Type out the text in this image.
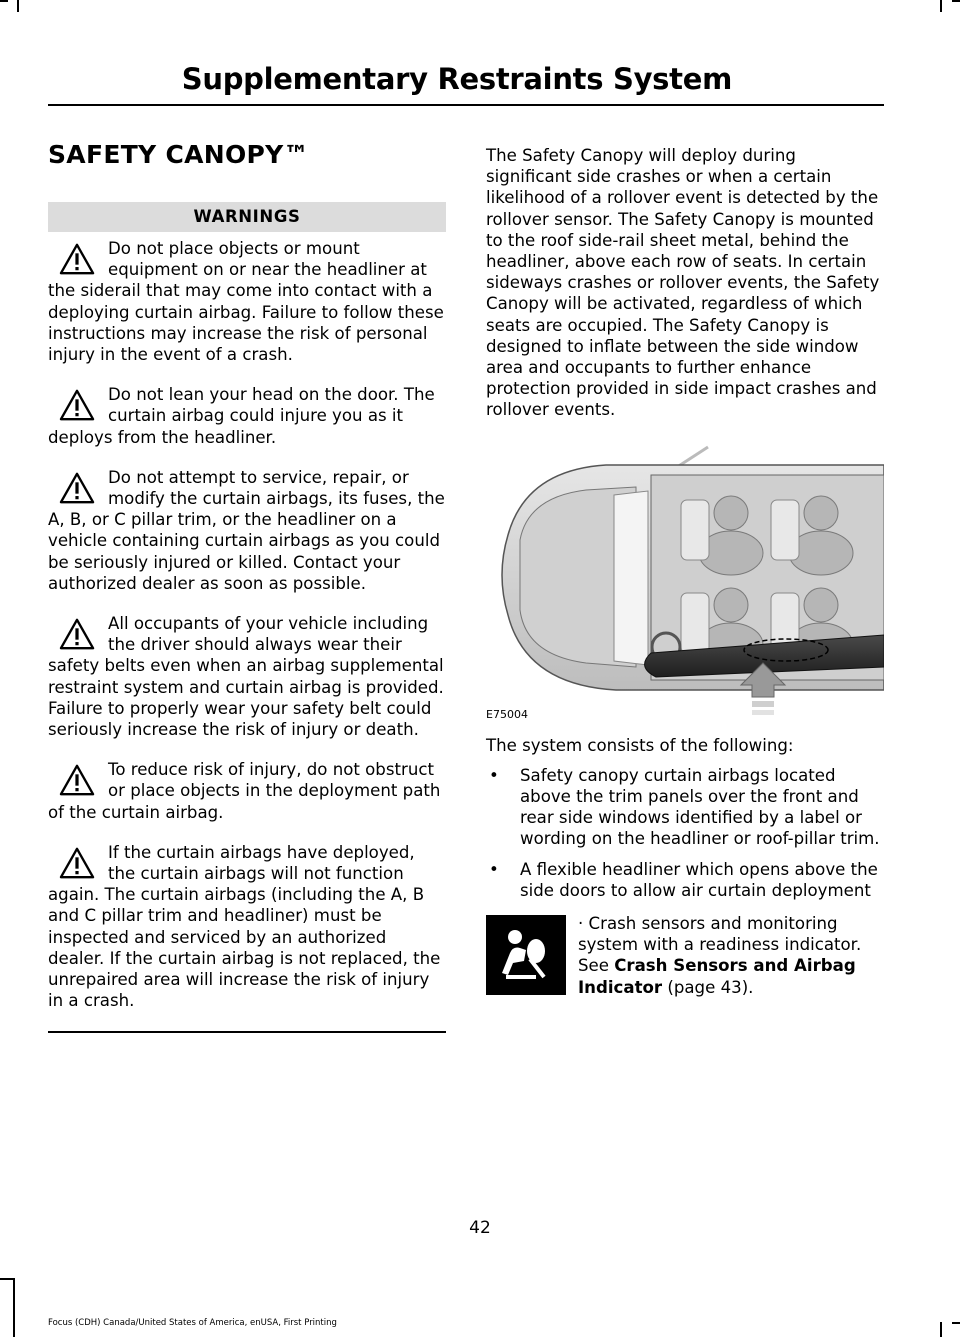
Supplementary Restraints System
SAFETY CANOPY™
WARNINGS
Do not place objects or mount equipment on or near the headliner at the siderail that may come into contact with a deploying curtain airbag. Failure to follow these instructions may increase the risk of personal injury in the event of a crash.
Do not lean your head on the door. The curtain airbag could injure you as it deploys from the headliner.
Do not attempt to service, repair, or modify the curtain airbags, its fuses, the A, B, or C pillar trim, or the headliner on a vehicle containing curtain airbags as you could be seriously injured or killed. Contact your authorized dealer as soon as possible.
All occupants of your vehicle including the driver should always wear their safety belts even when an airbag supplemental restraint system and curtain airbag is provided. Failure to properly wear your safety belt could seriously increase the risk of injury or death.
To reduce risk of injury, do not obstruct or place objects in the deployment path of the curtain airbag.
If the curtain airbags have deployed, the curtain airbags will not function again. The curtain airbags (including the A, B and C pillar trim and headliner) must be inspected and serviced by an authorized dealer. If the curtain airbag is not replaced, the unrepaired area will increase the risk of injury in a crash.

The Safety Canopy will deploy during significant side crashes or when a certain likelihood of a rollover event is detected by the rollover sensor. The Safety Canopy is mounted to the roof side-rail sheet metal, behind the headliner, above each row of seats. In certain sideways crashes or rollover events, the Safety Canopy will be activated, regardless of which seats are occupied. The Safety Canopy is designed to inflate between the side window area and occupants to further enhance protection provided in side impact crashes and rollover events.

E75004

The system consists of the following:

• Safety canopy curtain airbags located above the trim panels over the front and rear side windows identified by a label or wording on the headliner or roof-pillar trim.
• A flexible headliner which opens above the side doors to allow air curtain deployment
· Crash sensors and monitoring system with a readiness indicator. See Crash Sensors and Airbag Indicator (page 43).
42
Focus (CDH) Canada/United States of America, enUSA, First Printing
